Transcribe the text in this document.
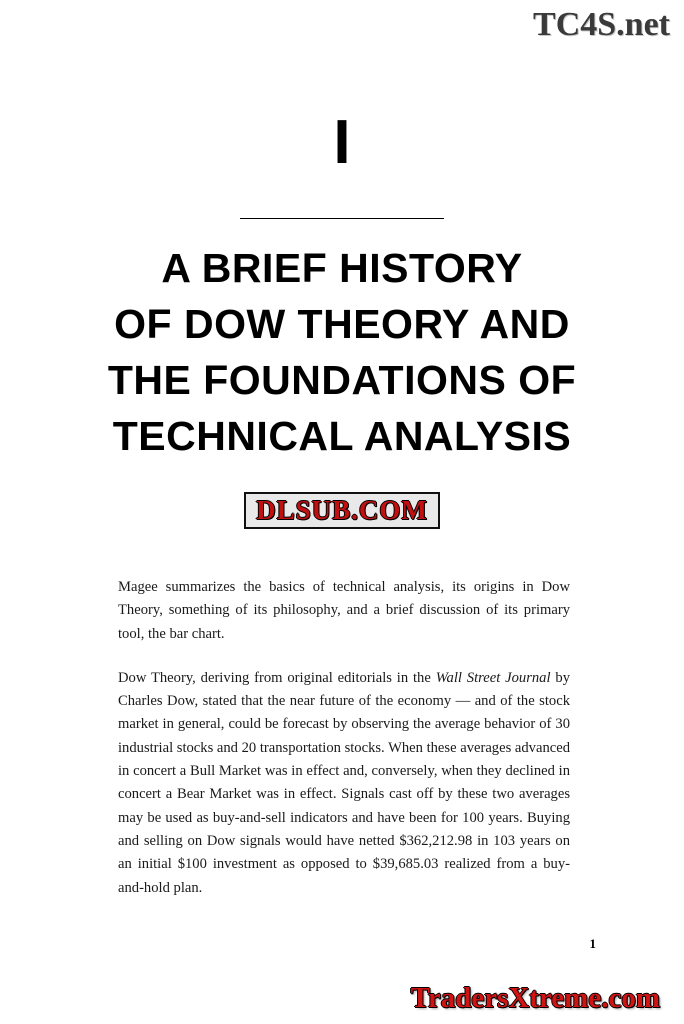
TC4S.net
I
A BRIEF HISTORY
OF DOW THEORY AND
THE FOUNDATIONS OF
TECHNICAL ANALYSIS
DLSUB.COM

Magee summarizes the basics of technical analysis, its origins in Dow Theory, something of its philosophy, and a brief discussion of its primary tool, the bar chart.

Dow Theory, deriving from original editorials in the Wall Street Journal by Charles Dow, stated that the near future of the economy — and of the stock market in general, could be forecast by observing the average behavior of 30 industrial stocks and 20 transportation stocks. When these averages advanced in concert a Bull Market was in effect and, conversely, when they declined in concert a Bear Market was in effect. Signals cast off by these two averages may be used as buy-and-sell indicators and have been for 100 years. Buying and selling on Dow signals would have netted $362,212.98 in 103 years on an initial $100 investment as opposed to $39,685.03 realized from a buy-and-hold plan.

1
TradersXtreme.com
